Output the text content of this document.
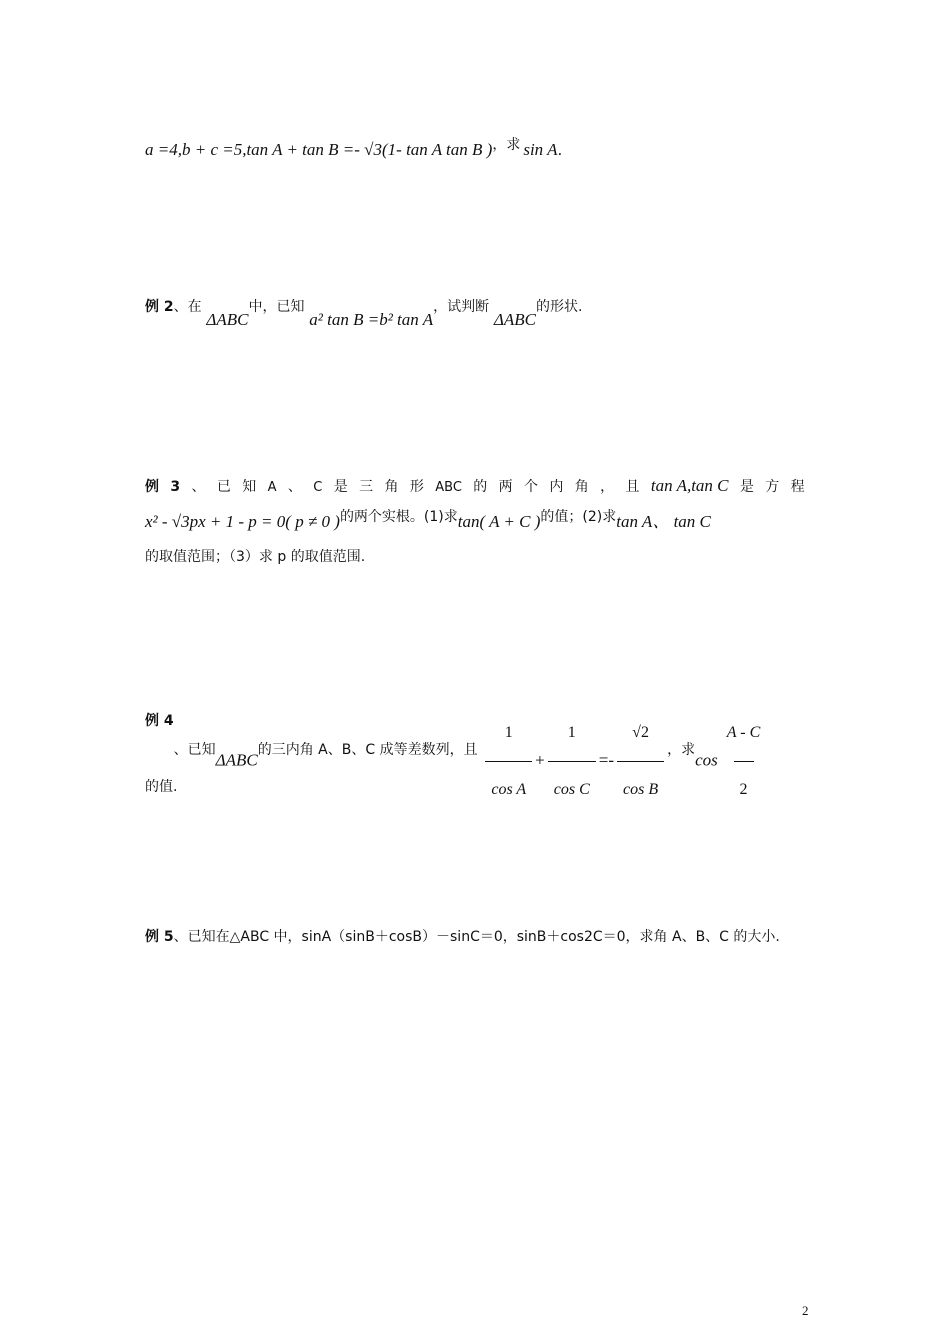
a =4,b + c =5,tan A + tan B =- √3(1- tan A tan B )，求 sin A.
例 2、在 ΔABC中，已知 a² tan B =b² tan A，试判断 ΔABC的形状.
例 3 、 已 知 A 、 C 是 三 角 形 ABC 的 两 个 内 角 ， 且 tan A,tan C 是 方 程
x² - √3px + 1 - p = 0( p ≠ 0 )的两个实根。(1)求tan( A + C )的值；(2)求tan A、 tan C
的取值范围；（3）求 p 的取值范围.
例 4、已知ΔABC的三内角 A、B、C 成等差数列，且 $\frac{1}{\text{cos A}} + \frac{1}{\text{cos C}} =- \frac{√2}{\text{cos B}}$ ，求$\cos \frac{A - C}{2}$
的值.
例 5、已知在△ABC 中，sinA（sinB＋cosB）－sinC＝0，sinB＋cos2C＝0，求角 A、B、C 的大小.
2
